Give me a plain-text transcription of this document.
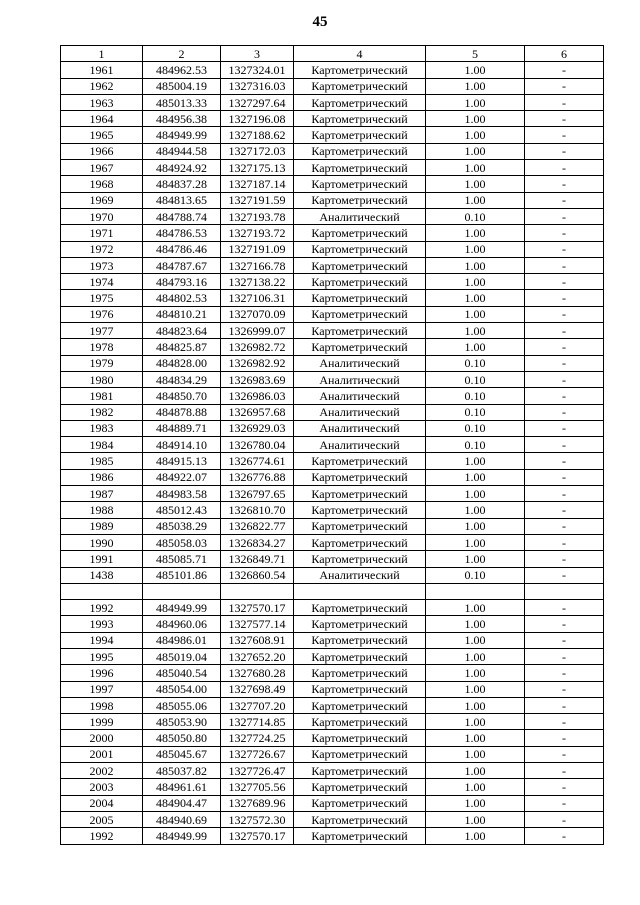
45
1	2	3	4	5	6
1961	484962.53	1327324.01	Картометрический	1.00	-
1962	485004.19	1327316.03	Картометрический	1.00	-
1963	485013.33	1327297.64	Картометрический	1.00	-
1964	484956.38	1327196.08	Картометрический	1.00	-
1965	484949.99	1327188.62	Картометрический	1.00	-
1966	484944.58	1327172.03	Картометрический	1.00	-
1967	484924.92	1327175.13	Картометрический	1.00	-
1968	484837.28	1327187.14	Картометрический	1.00	-
1969	484813.65	1327191.59	Картометрический	1.00	-
1970	484788.74	1327193.78	Аналитический	0.10	-
1971	484786.53	1327193.72	Картометрический	1.00	-
1972	484786.46	1327191.09	Картометрический	1.00	-
1973	484787.67	1327166.78	Картометрический	1.00	-
1974	484793.16	1327138.22	Картометрический	1.00	-
1975	484802.53	1327106.31	Картометрический	1.00	-
1976	484810.21	1327070.09	Картометрический	1.00	-
1977	484823.64	1326999.07	Картометрический	1.00	-
1978	484825.87	1326982.72	Картометрический	1.00	-
1979	484828.00	1326982.92	Аналитический	0.10	-
1980	484834.29	1326983.69	Аналитический	0.10	-
1981	484850.70	1326986.03	Аналитический	0.10	-
1982	484878.88	1326957.68	Аналитический	0.10	-
1983	484889.71	1326929.03	Аналитический	0.10	-
1984	484914.10	1326780.04	Аналитический	0.10	-
1985	484915.13	1326774.61	Картометрический	1.00	-
1986	484922.07	1326776.88	Картометрический	1.00	-
1987	484983.58	1326797.65	Картометрический	1.00	-
1988	485012.43	1326810.70	Картометрический	1.00	-
1989	485038.29	1326822.77	Картометрический	1.00	-
1990	485058.03	1326834.27	Картометрический	1.00	-
1991	485085.71	1326849.71	Картометрический	1.00	-
1438	485101.86	1326860.54	Аналитический	0.10	-

1992	484949.99	1327570.17	Картометрический	1.00	-
1993	484960.06	1327577.14	Картометрический	1.00	-
1994	484986.01	1327608.91	Картометрический	1.00	-
1995	485019.04	1327652.20	Картометрический	1.00	-
1996	485040.54	1327680.28	Картометрический	1.00	-
1997	485054.00	1327698.49	Картометрический	1.00	-
1998	485055.06	1327707.20	Картометрический	1.00	-
1999	485053.90	1327714.85	Картометрический	1.00	-
2000	485050.80	1327724.25	Картометрический	1.00	-
2001	485045.67	1327726.67	Картометрический	1.00	-
2002	485037.82	1327726.47	Картометрический	1.00	-
2003	484961.61	1327705.56	Картометрический	1.00	-
2004	484904.47	1327689.96	Картометрический	1.00	-
2005	484940.69	1327572.30	Картометрический	1.00	-
1992	484949.99	1327570.17	Картометрический	1.00	-
